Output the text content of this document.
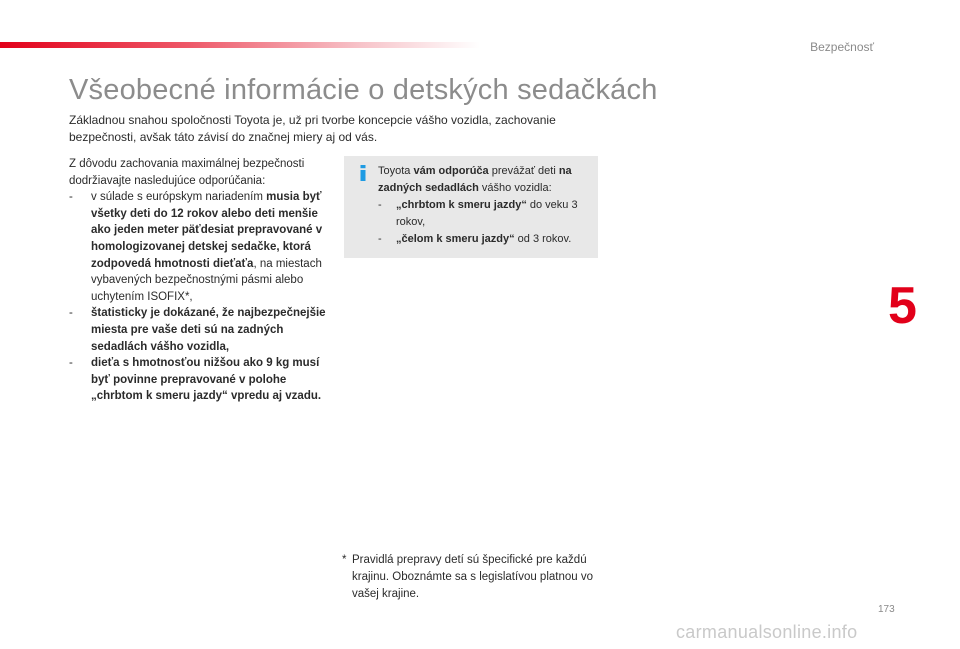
Bezpečnosť
Všeobecné informácie o detských sedačkách

Základnou snahou spoločnosti Toyota je, už pri tvorbe koncepcie vášho vozidla, zachovanie bezpečnosti, avšak táto závisí do značnej miery aj od vás.

Z dôvodu zachovania maximálnej bezpečnosti dodržiavajte nasledujúce odporúčania:

-	v súlade s európskym nariadením musia byť všetky deti do 12 rokov alebo deti menšie ako jeden meter päťdesiat prepravované v homologizovanej detskej sedačke, ktorá zodpovedá hmotnosti dieťaťa, na miestach vybavených bezpečnostnými pásmi alebo uchytením ISOFIX*,
-	štatisticky je dokázané, že najbezpečnejšie miesta pre vaše deti sú na zadných sedadlách vášho vozidla,
-	dieťa s hmotnosťou nižšou ako 9 kg musí byť povinne prepravované v polohe „chrbtom k smeru jazdy“ vpredu aj vzadu.

Toyota vám odporúča prevážať deti na zadných sedadlách vášho vozidla:

-	„chrbtom k smeru jazdy“ do veku 3 rokov,
-	„čelom k smeru jazdy“ od 3 rokov.
* Pravidlá prepravy detí sú špecifické pre každú krajinu. Oboznámte sa s legislatívou platnou vo vašej krajine.
5
173
carmanualsonline.info
